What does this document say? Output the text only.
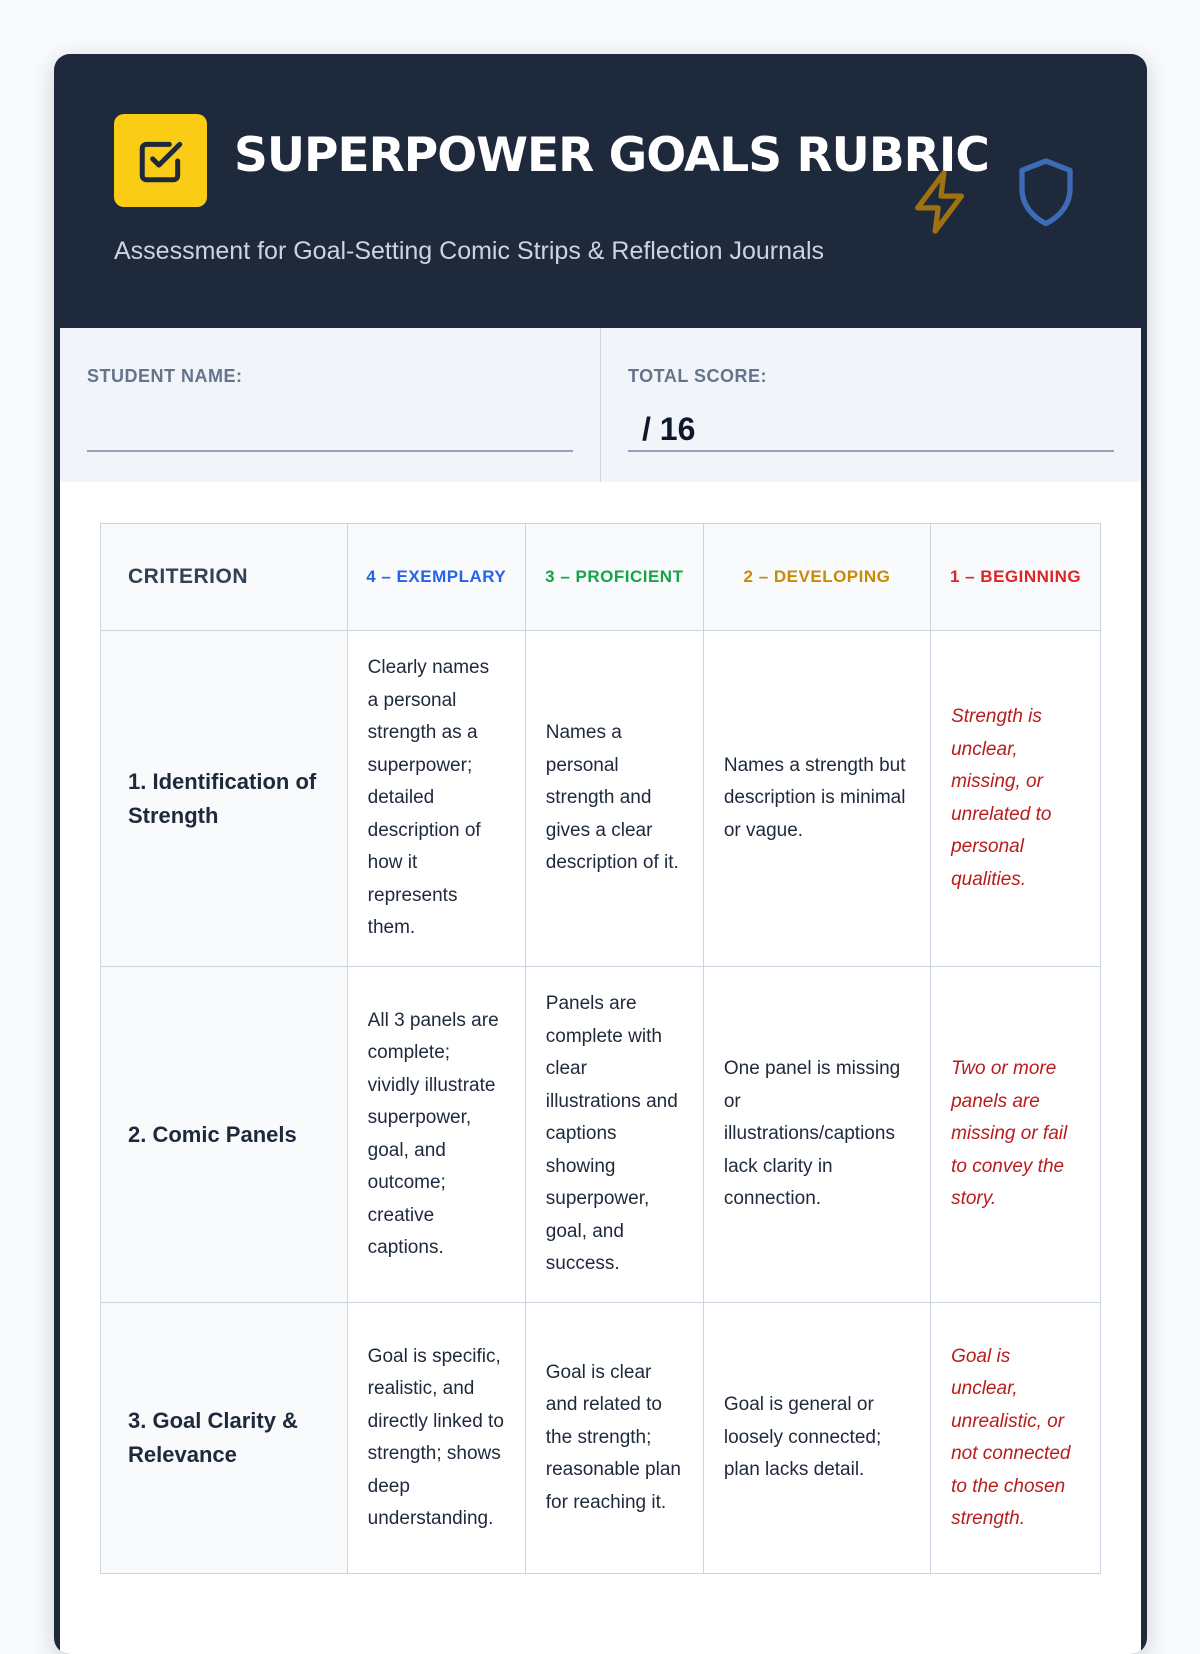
SUPERPOWER GOALS RUBRIC

Assessment for Goal-Setting Comic Strips & Reflection Journals

STUDENT NAME:	TOTAL SCORE:
/ 16
CRITERION	4 – EXEMPLARY	3 – PROFICIENT	2 – DEVELOPING	1 – BEGINNING
1. Identification of Strength	Clearly names a personal strength as a superpower; detailed description of how it represents them.	Names a personal strength and gives a clear description of it.	Names a strength but description is minimal or vague.	Strength is unclear, missing, or unrelated to personal qualities.
2. Comic Panels	All 3 panels are complete; vividly illustrate superpower, goal, and outcome; creative captions.	Panels are complete with clear illustrations and captions showing superpower, goal, and success.	One panel is missing or illustrations/captions lack clarity in connection.	Two or more panels are missing or fail to convey the story.
3. Goal Clarity & Relevance	Goal is specific, realistic, and directly linked to strength; shows deep understanding.	Goal is clear and related to the strength; reasonable plan for reaching it.	Goal is general or loosely connected; plan lacks detail.	Goal is unclear, unrealistic, or not connected to the chosen strength.
